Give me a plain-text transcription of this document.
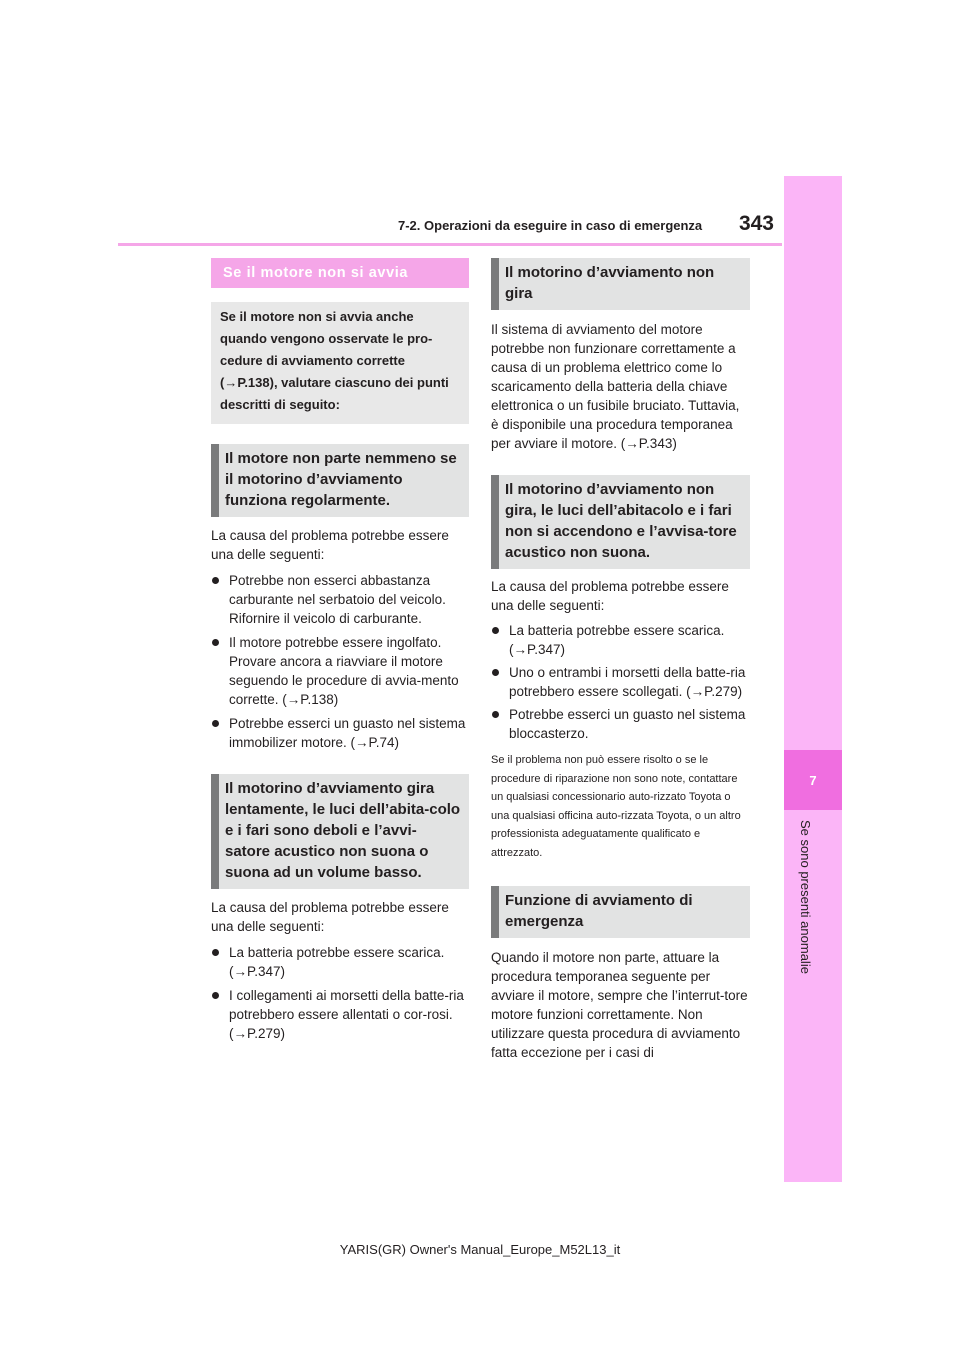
7-2. Operazioni da eseguire in caso di emergenza	343
7
Se sono presenti anomalie
Se il motore non si avvia
Se il motore non si avvia anche quando vengono osservate le pro-cedure di avviamento corrette (→P.138), valutare ciascuno dei punti descritti di seguito:
Il motore non parte nemmeno se il motorino d’avviamento funziona regolarmente.
La causa del problema potrebbe essere una delle seguenti:
Potrebbe non esserci abbastanza carburante nel serbatoio del veicolo. Rifornire il veicolo di carburante.
Il motore potrebbe essere ingolfato. Provare ancora a riavviare il motore seguendo le procedure di avvia-mento corrette. (→P.138)
Potrebbe esserci un guasto nel sistema immobilizer motore. (→P.74)
Il motorino d’avviamento gira lentamente, le luci dell’abita-colo e i fari sono deboli e l’avvi-satore acustico non suona o suona ad un volume basso.
La causa del problema potrebbe essere una delle seguenti:
La batteria potrebbe essere scarica. (→P.347)
I collegamenti ai morsetti della batte-ria potrebbero essere allentati o cor-rosi. (→P.279)
Il motorino d’avviamento non gira
Il sistema di avviamento del motore potrebbe non funzionare correttamente a causa di un problema elettrico come lo scaricamento della batteria della chiave elettronica o un fusibile bruciato. Tuttavia, è disponibile una procedura temporanea per avviare il motore. (→P.343)
Il motorino d’avviamento non gira, le luci dell’abitacolo e i fari non si accendono e l’avvisa-tore acustico non suona.
La causa del problema potrebbe essere una delle seguenti:
La batteria potrebbe essere scarica. (→P.347)
Uno o entrambi i morsetti della batte-ria potrebbero essere scollegati. (→P.279)
Potrebbe esserci un guasto nel sistema bloccasterzo.
Se il problema non può essere risolto o se le procedure di riparazione non sono note, contattare un qualsiasi concessionario auto-rizzato Toyota o una qualsiasi officina auto-rizzata Toyota, o un altro professionista adeguatamente qualificato e attrezzato.
Funzione di avviamento di emergenza
Quando il motore non parte, attuare la procedura temporanea seguente per avviare il motore, sempre che l’interrut-tore motore funzioni correttamente. Non utilizzare questa procedura di avviamento fatta eccezione per i casi di
YARIS(GR) Owner's Manual_Europe_M52L13_it
